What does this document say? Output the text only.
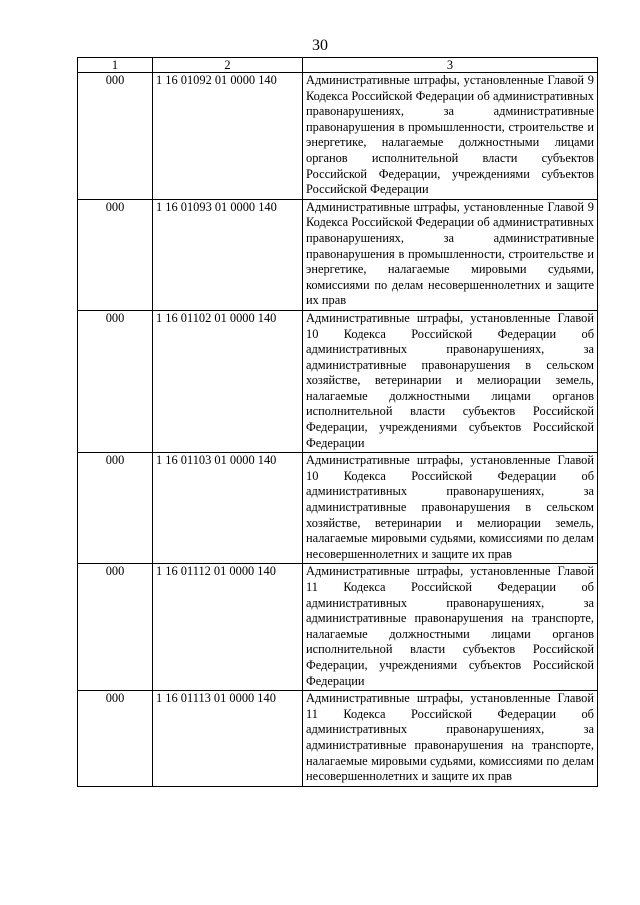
30
1	2	3
000	1 16 01092 01 0000 140	Административные штрафы, установленные Главой 9 Кодекса Российской Федерации об административных правонарушениях, за административные правонарушения в промышленности, строительстве и энергетике, налагаемые должностными лицами органов исполнительной власти субъектов Российской Федерации, учреждениями субъектов Российской Федерации
000	1 16 01093 01 0000 140	Административные штрафы, установленные Главой 9 Кодекса Российской Федерации об административных правонарушениях, за административные правонарушения в промышленности, строительстве и энергетике, налагаемые мировыми судьями, комиссиями по делам несовершеннолетних и защите их прав
000	1 16 01102 01 0000 140	Административные штрафы, установленные Главой 10 Кодекса Российской Федерации об административных правонарушениях, за административные правонарушения в сельском хозяйстве, ветеринарии и мелиорации земель, налагаемые должностными лицами органов исполнительной власти субъектов Российской Федерации, учреждениями субъектов Российской Федерации
000	1 16 01103 01 0000 140	Административные штрафы, установленные Главой 10 Кодекса Российской Федерации об административных правонарушениях, за административные правонарушения в сельском хозяйстве, ветеринарии и мелиорации земель, налагаемые мировыми судьями, комиссиями по делам несовершеннолетних и защите их прав
000	1 16 01112 01 0000 140	Административные штрафы, установленные Главой 11 Кодекса Российской Федерации об административных правонарушениях, за административные правонарушения на транспорте, налагаемые должностными лицами органов исполнительной власти субъектов Российской Федерации, учреждениями субъектов Российской Федерации
000	1 16 01113 01 0000 140	Административные штрафы, установленные Главой 11 Кодекса Российской Федерации об административных правонарушениях, за административные правонарушения на транспорте, налагаемые мировыми судьями, комиссиями по делам несовершеннолетних и защите их прав
